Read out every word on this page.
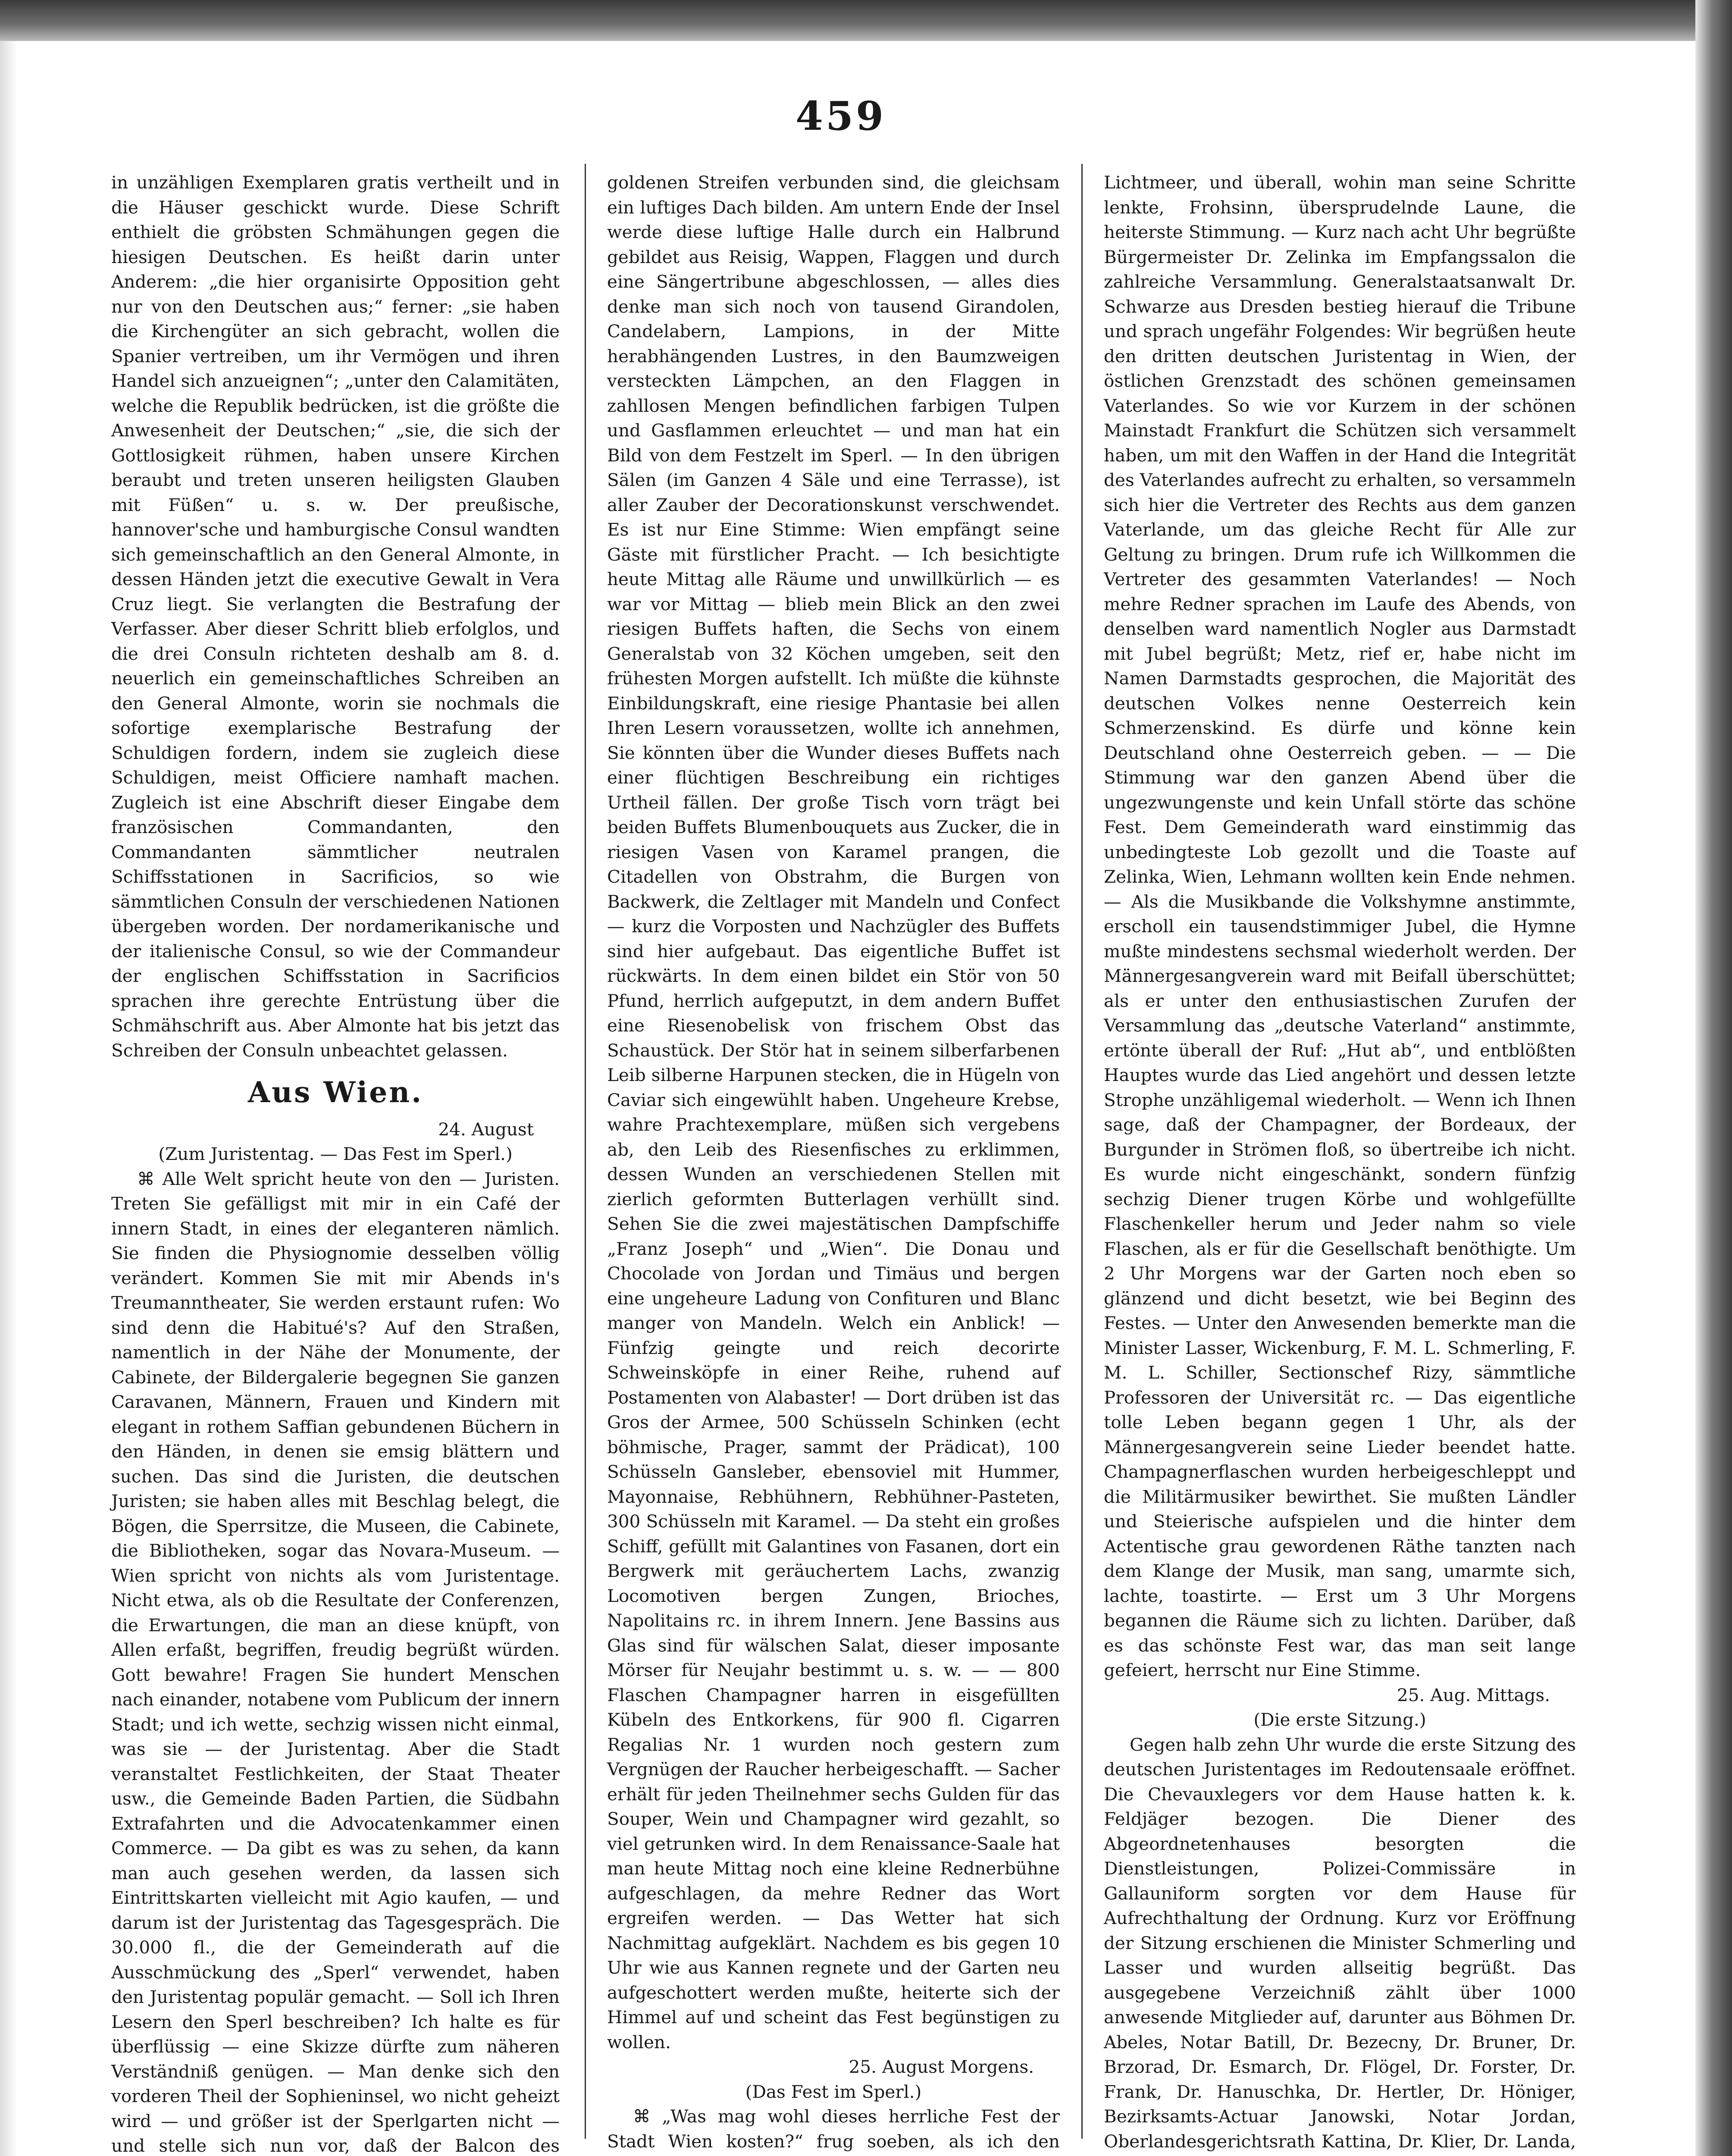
459

in unzähligen Exemplaren gratis vertheilt und in die Häuser geschickt wurde. Diese Schrift enthielt die gröbsten Schmähungen gegen die hiesigen Deutschen. Es heißt darin unter Anderem: „die hier organisirte Opposition geht nur von den Deutschen aus;“ ferner: „sie haben die Kirchengüter an sich gebracht, wollen die Spanier vertreiben, um ihr Vermögen und ihren Handel sich anzueignen“; „unter den Calamitäten, welche die Republik bedrücken, ist die größte die Anwesenheit der Deutschen;“ „sie, die sich der Gottlosigkeit rühmen, haben unsere Kirchen beraubt und treten unseren heiligsten Glauben mit Füßen“ u. s. w. Der preußische, hannover'sche und hamburgische Consul wandten sich gemeinschaftlich an den General Almonte, in dessen Händen jetzt die executive Gewalt in Vera Cruz liegt. Sie verlangten die Bestrafung der Verfasser. Aber dieser Schritt blieb erfolglos, und die drei Consuln richteten deshalb am 8. d. neuerlich ein gemeinschaftliches Schreiben an den General Almonte, worin sie nochmals die sofortige exemplarische Bestrafung der Schuldigen fordern, indem sie zugleich diese Schuldigen, meist Officiere namhaft machen. Zugleich ist eine Abschrift dieser Eingabe dem französischen Commandanten, den Commandanten sämmtlicher neutralen Schiffsstationen in Sacrificios, so wie sämmtlichen Consuln der verschiedenen Nationen übergeben worden. Der nordamerikanische und der italienische Consul, so wie der Commandeur der englischen Schiffsstation in Sacrificios sprachen ihre gerechte Entrüstung über die Schmähschrift aus. Aber Almonte hat bis jetzt das Schreiben der Consuln unbeachtet gelassen.

Aus Wien.

24. August

(Zum Juristentag. — Das Fest im Sperl.)

⌘ Alle Welt spricht heute von den — Juristen. Treten Sie gefälligst mit mir in ein Café der innern Stadt, in eines der eleganteren nämlich. Sie finden die Physiognomie desselben völlig verändert. Kommen Sie mit mir Abends in's Treumanntheater, Sie werden erstaunt rufen: Wo sind denn die Habitué's? Auf den Straßen, namentlich in der Nähe der Monumente, der Cabinete, der Bildergalerie begegnen Sie ganzen Caravanen, Männern, Frauen und Kindern mit elegant in rothem Saffian gebundenen Büchern in den Händen, in denen sie emsig blättern und suchen. Das sind die Juristen, die deutschen Juristen; sie haben alles mit Beschlag belegt, die Bögen, die Sperrsitze, die Museen, die Cabinete, die Bibliotheken, sogar das Novara-Museum. — Wien spricht von nichts als vom Juristentage. Nicht etwa, als ob die Resultate der Conferenzen, die Erwartungen, die man an diese knüpft, von Allen erfaßt, begriffen, freudig begrüßt würden. Gott bewahre! Fragen Sie hundert Menschen nach einander, notabene vom Publicum der innern Stadt; und ich wette, sechzig wissen nicht einmal, was sie — der Juristentag. Aber die Stadt veranstaltet Festlichkeiten, der Staat Theater usw., die Gemeinde Baden Partien, die Südbahn Extrafahrten und die Advocatenkammer einen Commerce. — Da gibt es was zu sehen, da kann man auch gesehen werden, da lassen sich Eintrittskarten vielleicht mit Agio kaufen, — und darum ist der Juristentag das Tagesgespräch. Die 30.000 fl., die der Gemeinderath auf die Ausschmückung des „Sperl“ verwendet, haben den Juristentag populär gemacht. — Soll ich Ihren Lesern den Sperl beschreiben? Ich halte es für überflüssig — eine Skizze dürfte zum näheren Verständniß genügen. — Man denke sich den vorderen Theil der Sophieninsel, wo nicht geheizt wird — und größer ist der Sperlgarten nicht — und stelle sich nun vor, daß der Balcon des

goldenen Streifen verbunden sind, die gleichsam ein luftiges Dach bilden. Am untern Ende der Insel werde diese luftige Halle durch ein Halbrund gebildet aus Reisig, Wappen, Flaggen und durch eine Sängertribune abgeschlossen, — alles dies denke man sich noch von tausend Girandolen, Candelabern, Lampions, in der Mitte herabhängenden Lustres, in den Baumzweigen versteckten Lämpchen, an den Flaggen in zahllosen Mengen befindlichen farbigen Tulpen und Gasflammen erleuchtet — und man hat ein Bild von dem Festzelt im Sperl. — In den übrigen Sälen (im Ganzen 4 Säle und eine Terrasse), ist aller Zauber der Decorationskunst verschwendet. Es ist nur Eine Stimme: Wien empfängt seine Gäste mit fürstlicher Pracht. — Ich besichtigte heute Mittag alle Räume und unwillkürlich — es war vor Mittag — blieb mein Blick an den zwei riesigen Buffets haften, die Sechs von einem Generalstab von 32 Köchen umgeben, seit den frühesten Morgen aufstellt. Ich müßte die kühnste Einbildungskraft, eine riesige Phantasie bei allen Ihren Lesern voraussetzen, wollte ich annehmen, Sie könnten über die Wunder dieses Buffets nach einer flüchtigen Beschreibung ein richtiges Urtheil fällen. Der große Tisch vorn trägt bei beiden Buffets Blumenbouquets aus Zucker, die in riesigen Vasen von Karamel prangen, die Citadellen von Obstrahm, die Burgen von Backwerk, die Zeltlager mit Mandeln und Confect — kurz die Vorposten und Nachzügler des Buffets sind hier aufgebaut. Das eigentliche Buffet ist rückwärts. In dem einen bildet ein Stör von 50 Pfund, herrlich aufgeputzt, in dem andern Buffet eine Riesenobelisk von frischem Obst das Schaustück. Der Stör hat in seinem silberfarbenen Leib silberne Harpunen stecken, die in Hügeln von Caviar sich eingewühlt haben. Ungeheure Krebse, wahre Prachtexemplare, müßen sich vergebens ab, den Leib des Riesenfisches zu erklimmen, dessen Wunden an verschiedenen Stellen mit zierlich geformten Butterlagen verhüllt sind. Sehen Sie die zwei majestätischen Dampfschiffe „Franz Joseph“ und „Wien“. Die Donau und Chocolade von Jordan und Timäus und bergen eine ungeheure Ladung von Confituren und Blanc manger von Mandeln. Welch ein Anblick! — Fünfzig geingte und reich decorirte Schweinsköpfe in einer Reihe, ruhend auf Postamenten von Alabaster! — Dort drüben ist das Gros der Armee, 500 Schüsseln Schinken (echt böhmische, Prager, sammt der Prädicat), 100 Schüsseln Gansleber, ebensoviel mit Hummer, Mayonnaise, Rebhühnern, Rebhühner-Pasteten, 300 Schüsseln mit Karamel. — Da steht ein großes Schiff, gefüllt mit Galantines von Fasanen, dort ein Bergwerk mit geräuchertem Lachs, zwanzig Locomotiven bergen Zungen, Brioches, Napolitains rc. in ihrem Innern. Jene Bassins aus Glas sind für wälschen Salat, dieser imposante Mörser für Neujahr bestimmt u. s. w. — — 800 Flaschen Champagner harren in eisgefüllten Kübeln des Entkorkens, für 900 fl. Cigarren Regalias Nr. 1 wurden noch gestern zum Vergnügen der Raucher herbeigeschafft. — Sacher erhält für jeden Theilnehmer sechs Gulden für das Souper, Wein und Champagner wird gezahlt, so viel getrunken wird. In dem Renaissance-Saale hat man heute Mittag noch eine kleine Rednerbühne aufgeschlagen, da mehre Redner das Wort ergreifen werden. — Das Wetter hat sich Nachmittag aufgeklärt. Nachdem es bis gegen 10 Uhr wie aus Kannen regnete und der Garten neu aufgeschottert werden mußte, heiterte sich der Himmel auf und scheint das Fest begünstigen zu wollen.

25. August Morgens.

(Das Fest im Sperl.)

⌘ „Was mag wohl dieses herrliche Fest der Stadt Wien kosten?“ frug soeben, als ich den

Lichtmeer, und überall, wohin man seine Schritte lenkte, Frohsinn, übersprudelnde Laune, die heiterste Stimmung. — Kurz nach acht Uhr begrüßte Bürgermeister Dr. Zelinka im Empfangssalon die zahlreiche Versammlung. Generalstaatsanwalt Dr. Schwarze aus Dresden bestieg hierauf die Tribune und sprach ungefähr Folgendes: Wir begrüßen heute den dritten deutschen Juristentag in Wien, der östlichen Grenzstadt des schönen gemeinsamen Vaterlandes. So wie vor Kurzem in der schönen Mainstadt Frankfurt die Schützen sich versammelt haben, um mit den Waffen in der Hand die Integrität des Vaterlandes aufrecht zu erhalten, so versammeln sich hier die Vertreter des Rechts aus dem ganzen Vaterlande, um das gleiche Recht für Alle zur Geltung zu bringen. Drum rufe ich Willkommen die Vertreter des gesammten Vaterlandes! — Noch mehre Redner sprachen im Laufe des Abends, von denselben ward namentlich Nogler aus Darmstadt mit Jubel begrüßt; Metz, rief er, habe nicht im Namen Darmstadts gesprochen, die Majorität des deutschen Volkes nenne Oesterreich kein Schmerzenskind. Es dürfe und könne kein Deutschland ohne Oesterreich geben. — — Die Stimmung war den ganzen Abend über die ungezwungenste und kein Unfall störte das schöne Fest. Dem Gemeinderath ward einstimmig das unbedingteste Lob gezollt und die Toaste auf Zelinka, Wien, Lehmann wollten kein Ende nehmen. — Als die Musikbande die Volkshymne anstimmte, erscholl ein tausendstimmiger Jubel, die Hymne mußte mindestens sechsmal wiederholt werden. Der Männergesangverein ward mit Beifall überschüttet; als er unter den enthusiastischen Zurufen der Versammlung das „deutsche Vaterland“ anstimmte, ertönte überall der Ruf: „Hut ab“, und entblößten Hauptes wurde das Lied angehört und dessen letzte Strophe unzähligemal wiederholt. — Wenn ich Ihnen sage, daß der Champagner, der Bordeaux, der Burgunder in Strömen floß, so übertreibe ich nicht. Es wurde nicht eingeschänkt, sondern fünfzig sechzig Diener trugen Körbe und wohlgefüllte Flaschenkeller herum und Jeder nahm so viele Flaschen, als er für die Gesellschaft benöthigte. Um 2 Uhr Morgens war der Garten noch eben so glänzend und dicht besetzt, wie bei Beginn des Festes. — Unter den Anwesenden bemerkte man die Minister Lasser, Wickenburg, F. M. L. Schmerling, F. M. L. Schiller, Sectionschef Rizy, sämmtliche Professoren der Universität rc. — Das eigentliche tolle Leben begann gegen 1 Uhr, als der Männergesangverein seine Lieder beendet hatte. Champagnerflaschen wurden herbeigeschleppt und die Militärmusiker bewirthet. Sie mußten Ländler und Steierische aufspielen und die hinter dem Actentische grau gewordenen Räthe tanzten nach dem Klange der Musik, man sang, umarmte sich, lachte, toastirte. — Erst um 3 Uhr Morgens begannen die Räume sich zu lichten. Darüber, daß es das schönste Fest war, das man seit lange gefeiert, herrscht nur Eine Stimme.

25. Aug. Mittags.

(Die erste Sitzung.)

Gegen halb zehn Uhr wurde die erste Sitzung des deutschen Juristentages im Redoutensaale eröffnet. Die Chevauxlegers vor dem Hause hatten k. k. Feldjäger bezogen. Die Diener des Abgeordnetenhauses besorgten die Dienstleistungen, Polizei-Commissäre in Gallauniform sorgten vor dem Hause für Aufrechthaltung der Ordnung. Kurz vor Eröffnung der Sitzung erschienen die Minister Schmerling und Lasser und wurden allseitig begrüßt. Das ausgegebene Verzeichniß zählt über 1000 anwesende Mitglieder auf, darunter aus Böhmen Dr. Abeles, Notar Batill, Dr. Bezecny, Dr. Bruner, Dr. Brzorad, Dr. Esmarch, Dr. Flögel, Dr. Forster, Dr. Frank, Dr. Hanuschka, Dr. Hertler, Dr. Höniger, Bezirksamts-Actuar Janowski, Notar Jordan, Oberlandesgerichtsrath Kattina, Dr. Klier, Dr. Landa,
